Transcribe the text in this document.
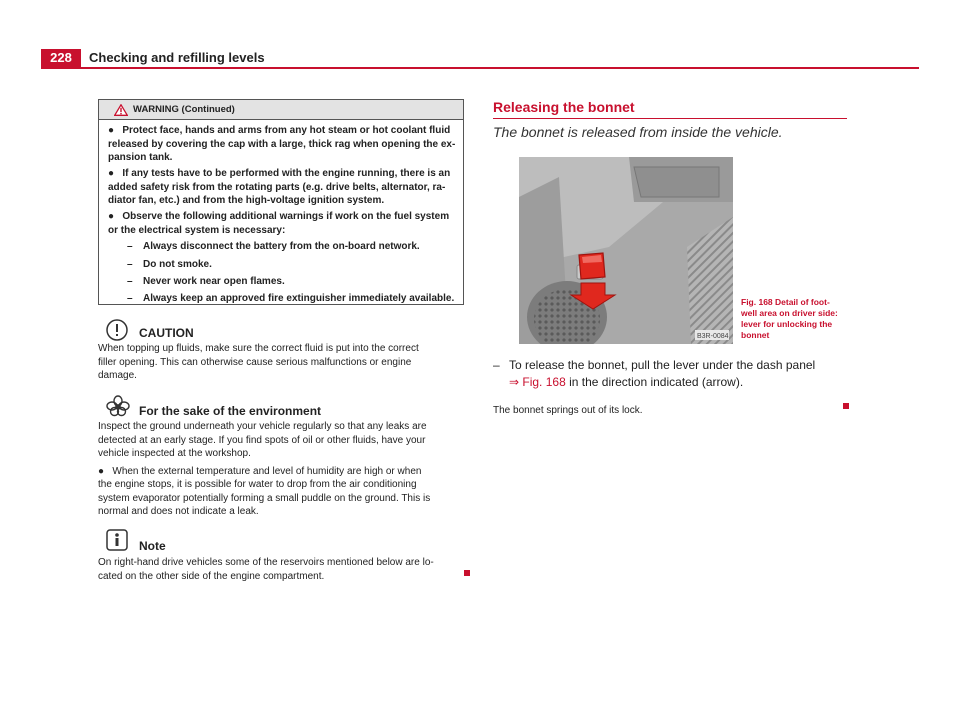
228	Checking and refilling levels
WARNING (Continued)
●   Protect face, hands and arms from any hot steam or hot coolant fluid
released by covering the cap with a large, thick rag when opening the ex-
pansion tank.
●   If any tests have to be performed with the engine running, there is an
added safety risk from the rotating parts (e.g. drive belts, alternator, ra-
diator fan, etc.) and from the high-voltage ignition system.
●   Observe the following additional warnings if work on the fuel system
or the electrical system is necessary:
– Always disconnect the battery from the on-board network.
– Do not smoke.
– Never work near open flames.
– Always keep an approved fire extinguisher immediately available.
CAUTION
When topping up fluids, make sure the correct fluid is put into the correct
filler opening. This can otherwise cause serious malfunctions or engine
damage.
For the sake of the environment
Inspect the ground underneath your vehicle regularly so that any leaks are
detected at an early stage. If you find spots of oil or other fluids, have your
vehicle inspected at the workshop.
●   When the external temperature and level of humidity are high or when
the engine stops, it is possible for water to drop from the air conditioning
system evaporator potentially forming a small puddle on the ground. This is
normal and does not indicate a leak.
Note
On right-hand drive vehicles some of the reservoirs mentioned below are lo-
cated on the other side of the engine compartment.
Releasing the bonnet
The bonnet is released from inside the vehicle.
B3R-0084
Fig. 168 Detail of foot-
well area on driver side:
lever for unlocking the
bonnet
– To release the bonnet, pull the lever under the dash panel
⇒ Fig. 168 in the direction indicated (arrow).
The bonnet springs out of its lock.
